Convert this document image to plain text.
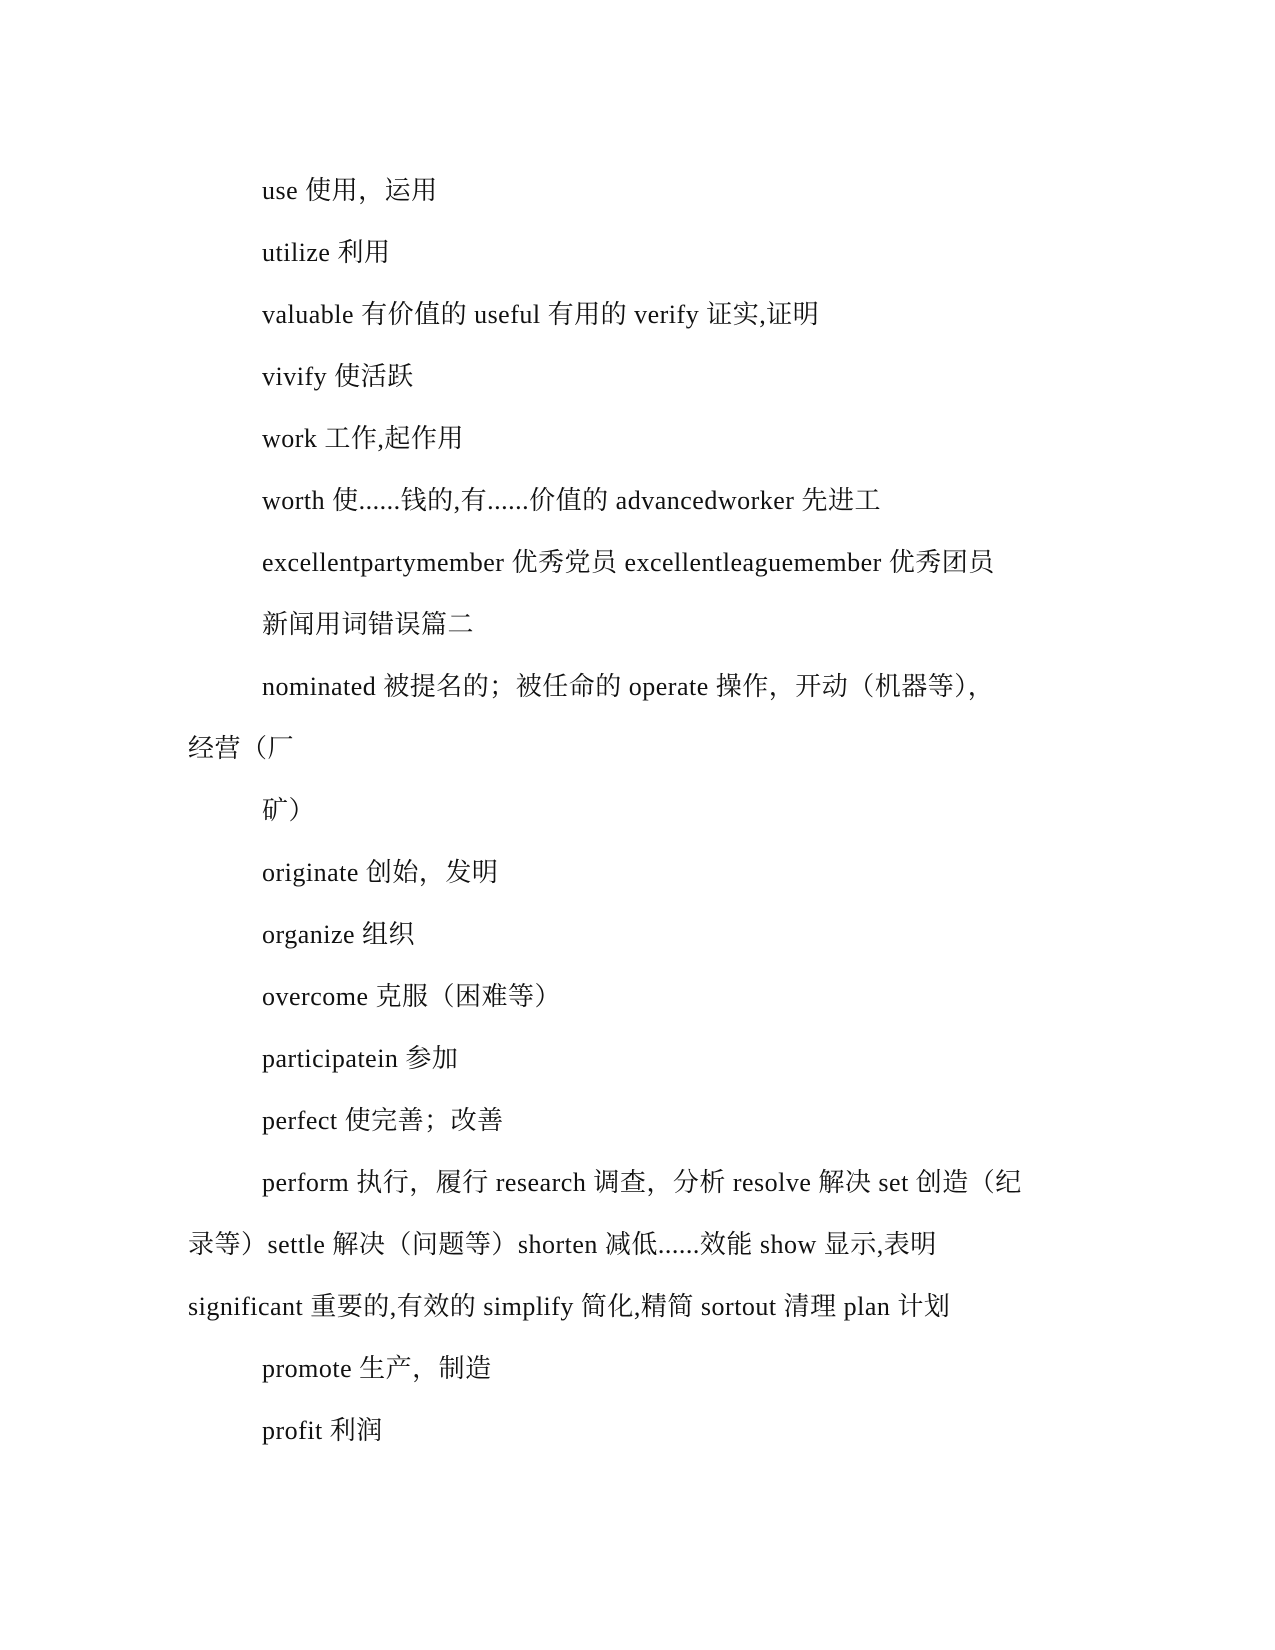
use 使用，运用
utilize 利用
valuable 有价值的 useful 有用的 verify 证实,证明
vivify 使活跃
work 工作,起作用
worth 使......钱的,有......价值的 advancedworker 先进工
excellentpartymember 优秀党员 excellentleaguemember 优秀团员
新闻用词错误篇二
nominated 被提名的；被任命的 operate 操作，开动（机器等），
经营（厂
矿）
originate 创始，发明
organize 组织
overcome 克服（困难等）
participatein 参加
perfect 使完善；改善
perform 执行，履行 research 调查，分析 resolve 解决 set 创造（纪
录等）settle 解决（问题等）shorten 减低......效能 show 显示,表明
significant 重要的,有效的 simplify 简化,精简 sortout 清理 plan 计划
promote 生产，制造
profit 利润
